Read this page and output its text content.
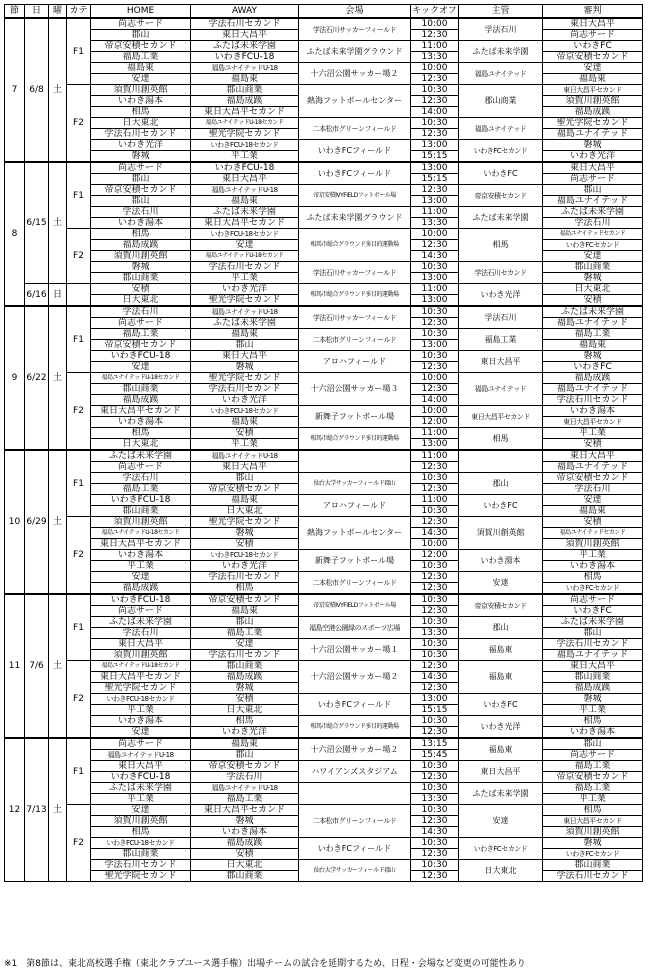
節	日	曜	カテ	HOME	AWAY	会場	キックオフ	主管	審判
7	6/8	土	F1	尚志サード	学法石川セカンド	学法石川サッカーフィールド	10:00	学法石川	東日大昌平
				郡山	東日大昌平		12:30		尚志サード
				帝京安積セカンド	ふたば未来学園	ふたば未来学園グラウンド	11:00	ふたば未来学園	いわきFC
				福島工業	いわきFCU-18		13:30		帝京安積セカンド
				福島東	福島ユナイテッドU-18	十六沼公園サッカー場２	10:00	福島ユナイテッド	安達
				安達	福島東		12:30		福島東
			F2	須賀川創英館	郡山商業	熱海フットボールセンター	10:30	郡山商業	東日大昌平セカンド
				いわき湯本	福島成蹊		12:30		須賀川創英館
				相馬	東日大昌平セカンド		14:00		福島成蹊
				日大東北	福島ユナイテッドU-18セカンド	二本松市グリーンフィールド	10:30	福島ユナイテッド	聖光学院セカンド
				学法石川セカンド	聖光学院セカンド		12:30		福島ユナイテッド
				いわき光洋	いわきFCU-18セカンド	いわきFCフィールド	13:00	いわきFCセカンド	磐城
				磐城	平工業		15:15		いわき光洋
8	6/15	土	F1	尚志サード	いわきFCU-18	いわきFCフィールド	13:00	いわきFC	東日大昌平
				郡山	東日大昌平		15:15		尚志サード
				帝京安積セカンド	福島ユナイテッドU-18	帝京安積IVYFIELDフットボール場	12:30	帝京安積セカンド	郡山
				郡山	福島東		13:00		福島ユナイテッド
				学法石川	ふたば未来学園	ふたば未来学園グラウンド	11:00	ふたば未来学園	ふたば未来学園
				いわき湯本	東日大昌平セカンド		13:30		学法石川
			F2	相馬	いわきFCU-18セカンド	相馬市総合グラウンド多目的運動場	10:00	相馬	福島ユナイテッドセカンド
				福島成蹊	安達		12:30		いわきFCセカンド
				須賀川創英館	福島ユナイテッドU-18セカンド		14:30		安達
				磐城	学法石川セカンド	学法石川サッカーフィールド	10:30	学法石川セカンド	郡山商業
				郡山商業	平工業		13:00		磐城
	6/16	日		安積	いわき光洋	相馬市総合グラウンド多目的運動場	11:00	いわき光洋	日大東北
				日大東北	聖光学院セカンド		13:00		安積
9	6/22	土	F1	学法石川	福島ユナイテッドU-18	学法石川サッカーフィールド	10:30	学法石川	ふたば未来学園
				尚志サード	ふたば未来学園		12:30		福島ユナイテッド
				福島工業	福島東	二本松市グリーンフィールド	10:30	福島工業	福島工業
				帝京安積セカンド	郡山		13:00		福島東
				いわきFCU-18	東日大昌平	アロハフィールド	10:30	東日大昌平	磐城
				安達	磐城		12:30		いわきFC
			F2	福島ユナイテッドU-18セカンド	聖光学院セカンド	十六沼公園サッカー場３	10:00	福島ユナイテッド	福島成蹊
				郡山商業	学法石川セカンド		12:30		福島ユナイテッド
				福島成蹊	いわき光洋		14:00		学法石川セカンド
				東日大昌平セカンド	いわきFCU-18セカンド	新舞子フットボール場	10:00	東日大昌平セカンド	いわき湯本
				いわき湯本	福島東		12:00		東日大昌平セカンド
				相馬	安積	相馬市総合グラウンド多目的運動場	11:00	相馬	平工業
				日大東北	平工業		13:00		安積
10	6/29	土	F1	ふたば未来学園	福島ユナイテッドU-18		11:00		東日大昌平
				尚志サード	東日大昌平		12:30		福島ユナイテッド
				学法石川	郡山	仙台大学サッカーフィールド郡山	10:30	郡山	帝京安積セカンド
				福島工業	帝京安積セカンド		12:30		学法石川
				いわきFCU-18	福島東	アロハフィールド	11:00	いわきFC	安達
				郡山商業	日大東北		10:30		福島東
			F2	須賀川創英館	聖光学院セカンド	熱海フットボールセンター	12:30	須賀川創英館	安積
				福島ユナイテッドU-18セカンド	磐城		14:30		福島ユナイテッドセカンド
				東日大昌平セカンド	安積		10:00		須賀川創英館
				いわき湯本	いわきFCU-18セカンド	新舞子フットボール場	12:00	いわき湯本	平工業
				平工業	いわき光洋		10:30		いわき湯本
				安達	学法石川セカンド	二本松市グリーンフィールド	12:30	安達	相馬
				福島成蹊	相馬		12:30		いわきFCセカンド
11	7/6	土	F1	いわきFCU-18	帝京安積セカンド	帝京安積IVYFIELDフットボール場	10:30	帝京安積セカンド	尚志サード
				尚志サード	福島東		12:30		いわきFC
				ふたば未来学園	郡山	福島空港公園緑のスポーツ広場	10:30	郡山	ふたば未来学園
				学法石川	福島工業		13:30		郡山
				東日大昌平	安達	十六沼公園サッカー場１	10:30	福島東	学法石川セカンド
				須賀川創英館	学法石川セカンド		10:30		福島ユナイテッド
			F2	福島ユナイテッドU-18セカンド	郡山商業	十六沼公園サッカー場２	12:30	福島東	東日大昌平
				東日大昌平セカンド	福島成蹊		14:30		郡山商業
				聖光学院セカンド	磐城		12:30		福島成蹊
				いわきFCU-18セカンド	安積	いわきFCフィールド	13:00	いわきFC	磐城
				平工業	日大東北		15:15		平工業
				いわき湯本	相馬	相馬市総合グラウンド多目的運動場	10:30	いわき光洋	相馬
				安達	いわき光洋		12:30		いわき湯本
12	7/13	土	F1	尚志サード	福島東	十六沼公園サッカー場２	13:15	福島東	郡山
				福島ユナイテッドU-18	郡山		15:45		尚志サード
				東日大昌平	帝京安積セカンド	ハワイアンズスタジアム	10:30	東日大昌平	福島工業
				いわきFCU-18	学法石川		12:30		帝京安積セカンド
				ふたば未来学園	福島ユナイテッドU-18		10:30	ふたば未来学園	福島工業
				平工業	福島工業		13:30		平工業
			F2	安達	東日大昌平セカンド	二本松市グリーンフィールド	10:30	安達	相馬
				須賀川創英館	磐城		12:30		東日大昌平セカンド
				相馬	いわき湯本		14:30		須賀川創英館
				いわきFCU-18セカンド	福島成蹊	いわきFCフィールド	10:30	いわきFCセカンド	磐城
				郡山商業	安積		12:30		いわきFCセカンド
				学法石川セカンド	日大東北	仙台大学サッカーフィールド郡山	10:30	日大東北	郡山商業
				聖光学院セカンド	郡山商業		12:30		学法石川セカンド
※1　第8節は、東北高校選手権（東北クラブユース選手権）出場チームの試合を延期するため、日程・会場など変更の可能性あり
